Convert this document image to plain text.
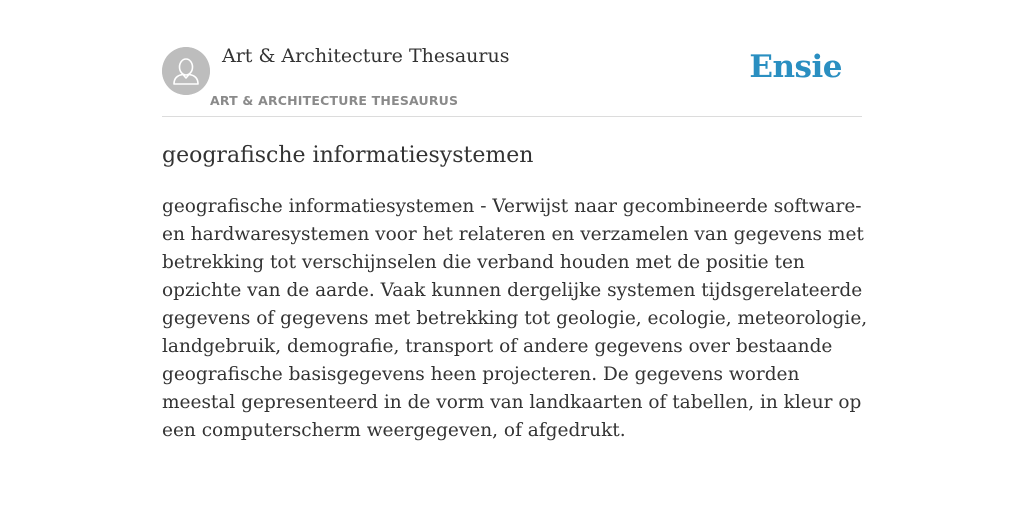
Art & Architecture Thesaurus
ART & ARCHITECTURE THESAURUS
Ensie
geografische informatiesystemen

geografische informatiesystemen - Verwijst naar gecombineerde software- en hardwaresystemen voor het relateren en verzamelen van gegevens met betrekking tot verschijnselen die verband houden met de positie ten opzichte van de aarde. Vaak kunnen dergelijke systemen tijdsgerelateerde gegevens of gegevens met betrekking tot geologie, ecologie, meteorologie, landgebruik, demografie, transport of andere gegevens over bestaande geografische basisgegevens heen projecteren. De gegevens worden meestal gepresenteerd in de vorm van landkaarten of tabellen, in kleur op een computerscherm weergegeven, of afgedrukt.
